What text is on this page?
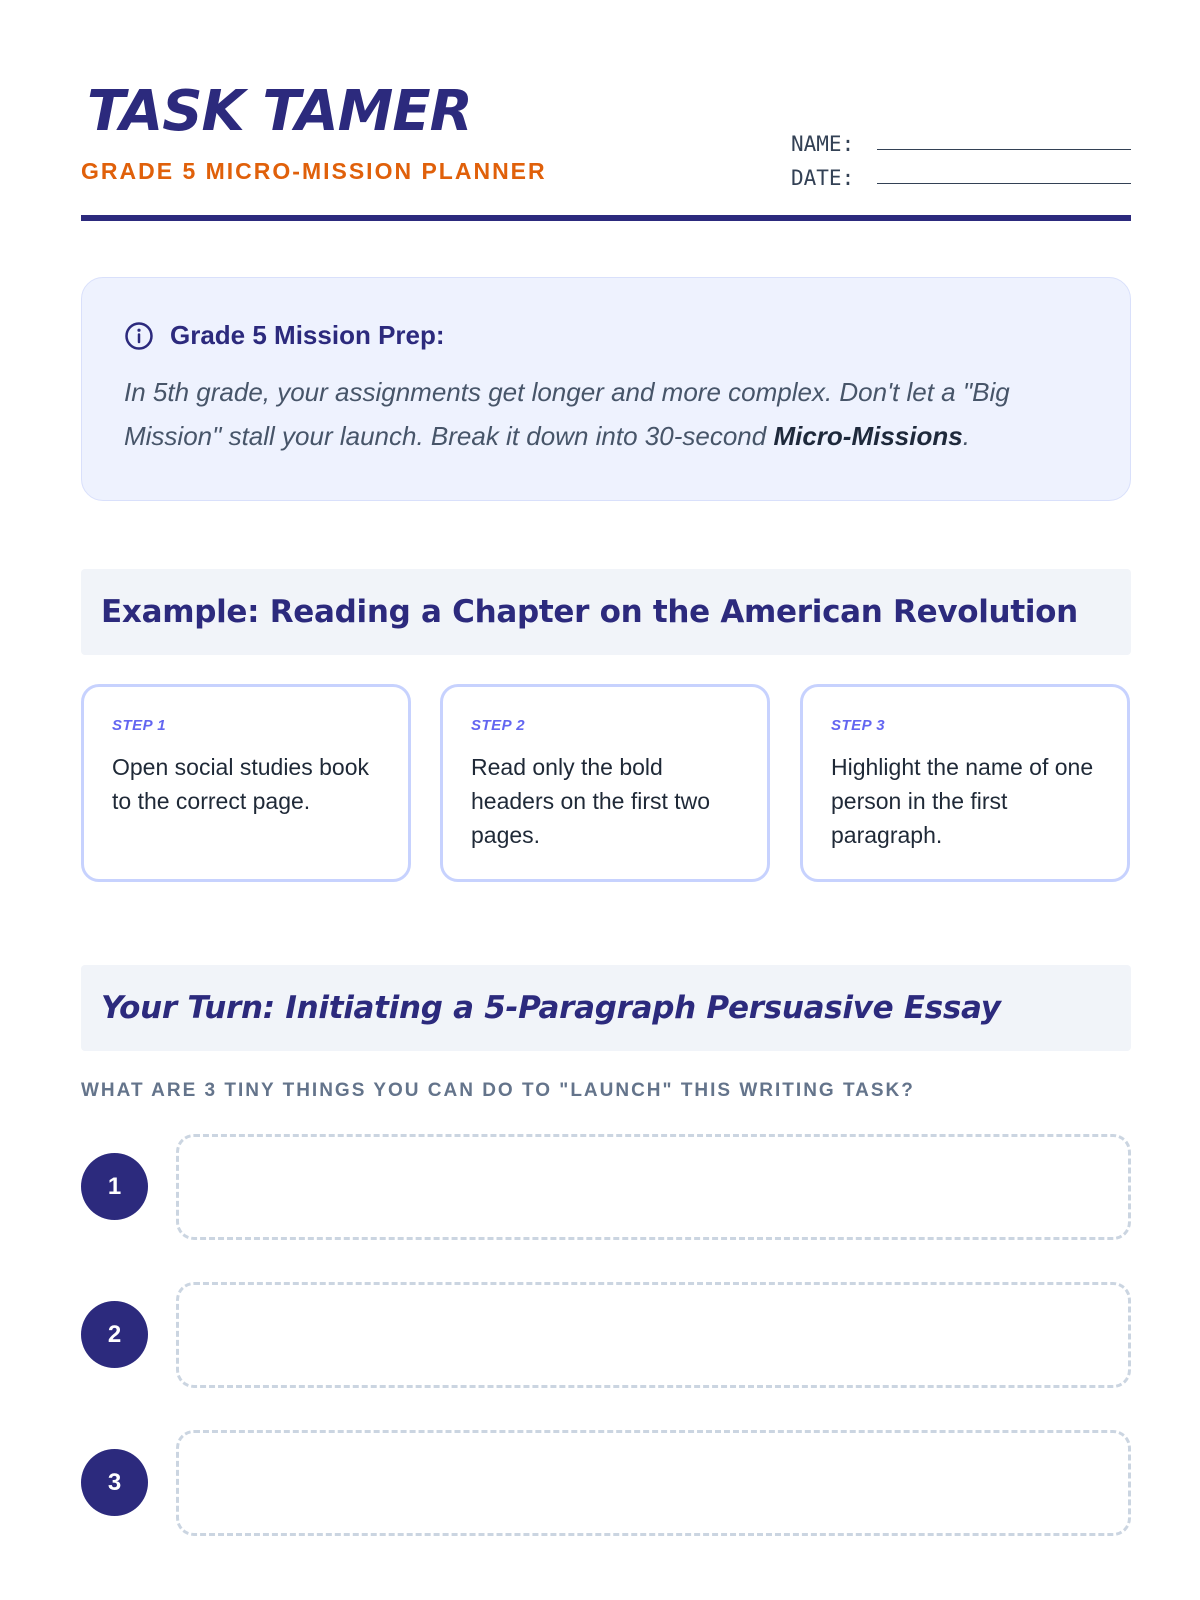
TASK TAMER
GRADE 5 MICRO-MISSION PLANNER
NAME:
DATE:
Grade 5 Mission Prep:
In 5th grade, your assignments get longer and more complex. Don't let a "Big Mission" stall your launch. Break it down into 30-second Micro-Missions.
Example: Reading a Chapter on the American Revolution
STEP 1
Open social studies book to the correct page.
STEP 2
Read only the bold headers on the first two pages.
STEP 3
Highlight the name of one person in the first paragraph.
Your Turn: Initiating a 5-Paragraph Persuasive Essay
WHAT ARE 3 TINY THINGS YOU CAN DO TO "LAUNCH" THIS WRITING TASK?
1
2
3
